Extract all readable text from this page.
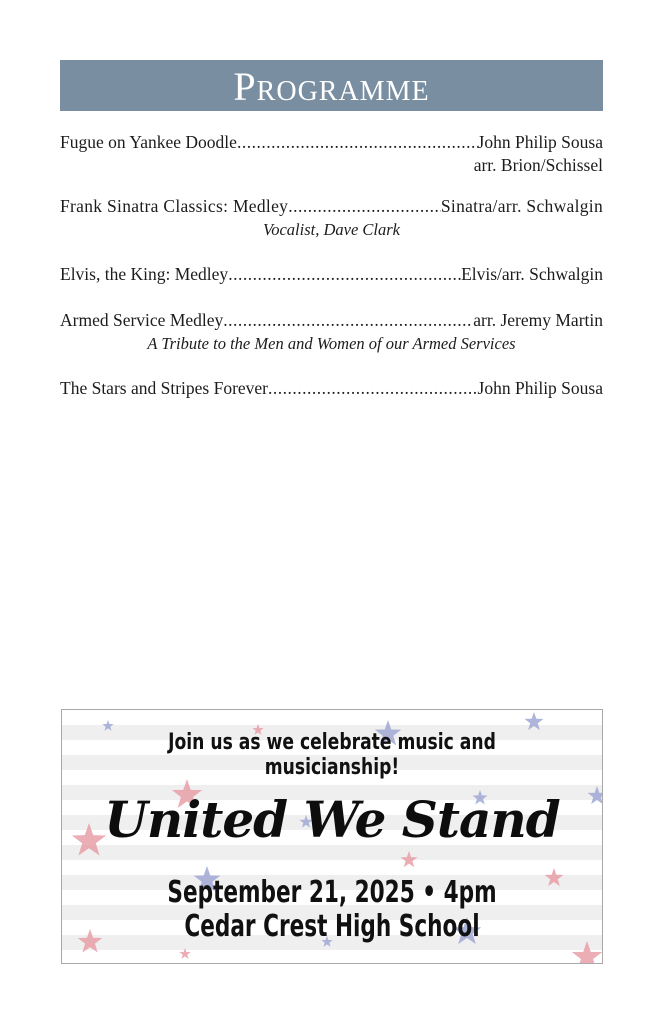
Programme
Fugue on Yankee Doodle .....	John Philip Sousa
arr. Brion/Schissel
Frank Sinatra Classics: Medley .....	Sinatra/arr. Schwalgin
Vocalist, Dave Clark
Elvis, the King: Medley .....	Elvis/arr. Schwalgin
Armed Service Medley .....	arr. Jeremy Martin
A Tribute to the Men and Women of our Armed Services
The Stars and Stripes Forever .....	John Philip Sousa
Join us as we celebrate music and musicianship!
United We Stand
September 21, 2025 • 4pm
Cedar Crest High School
